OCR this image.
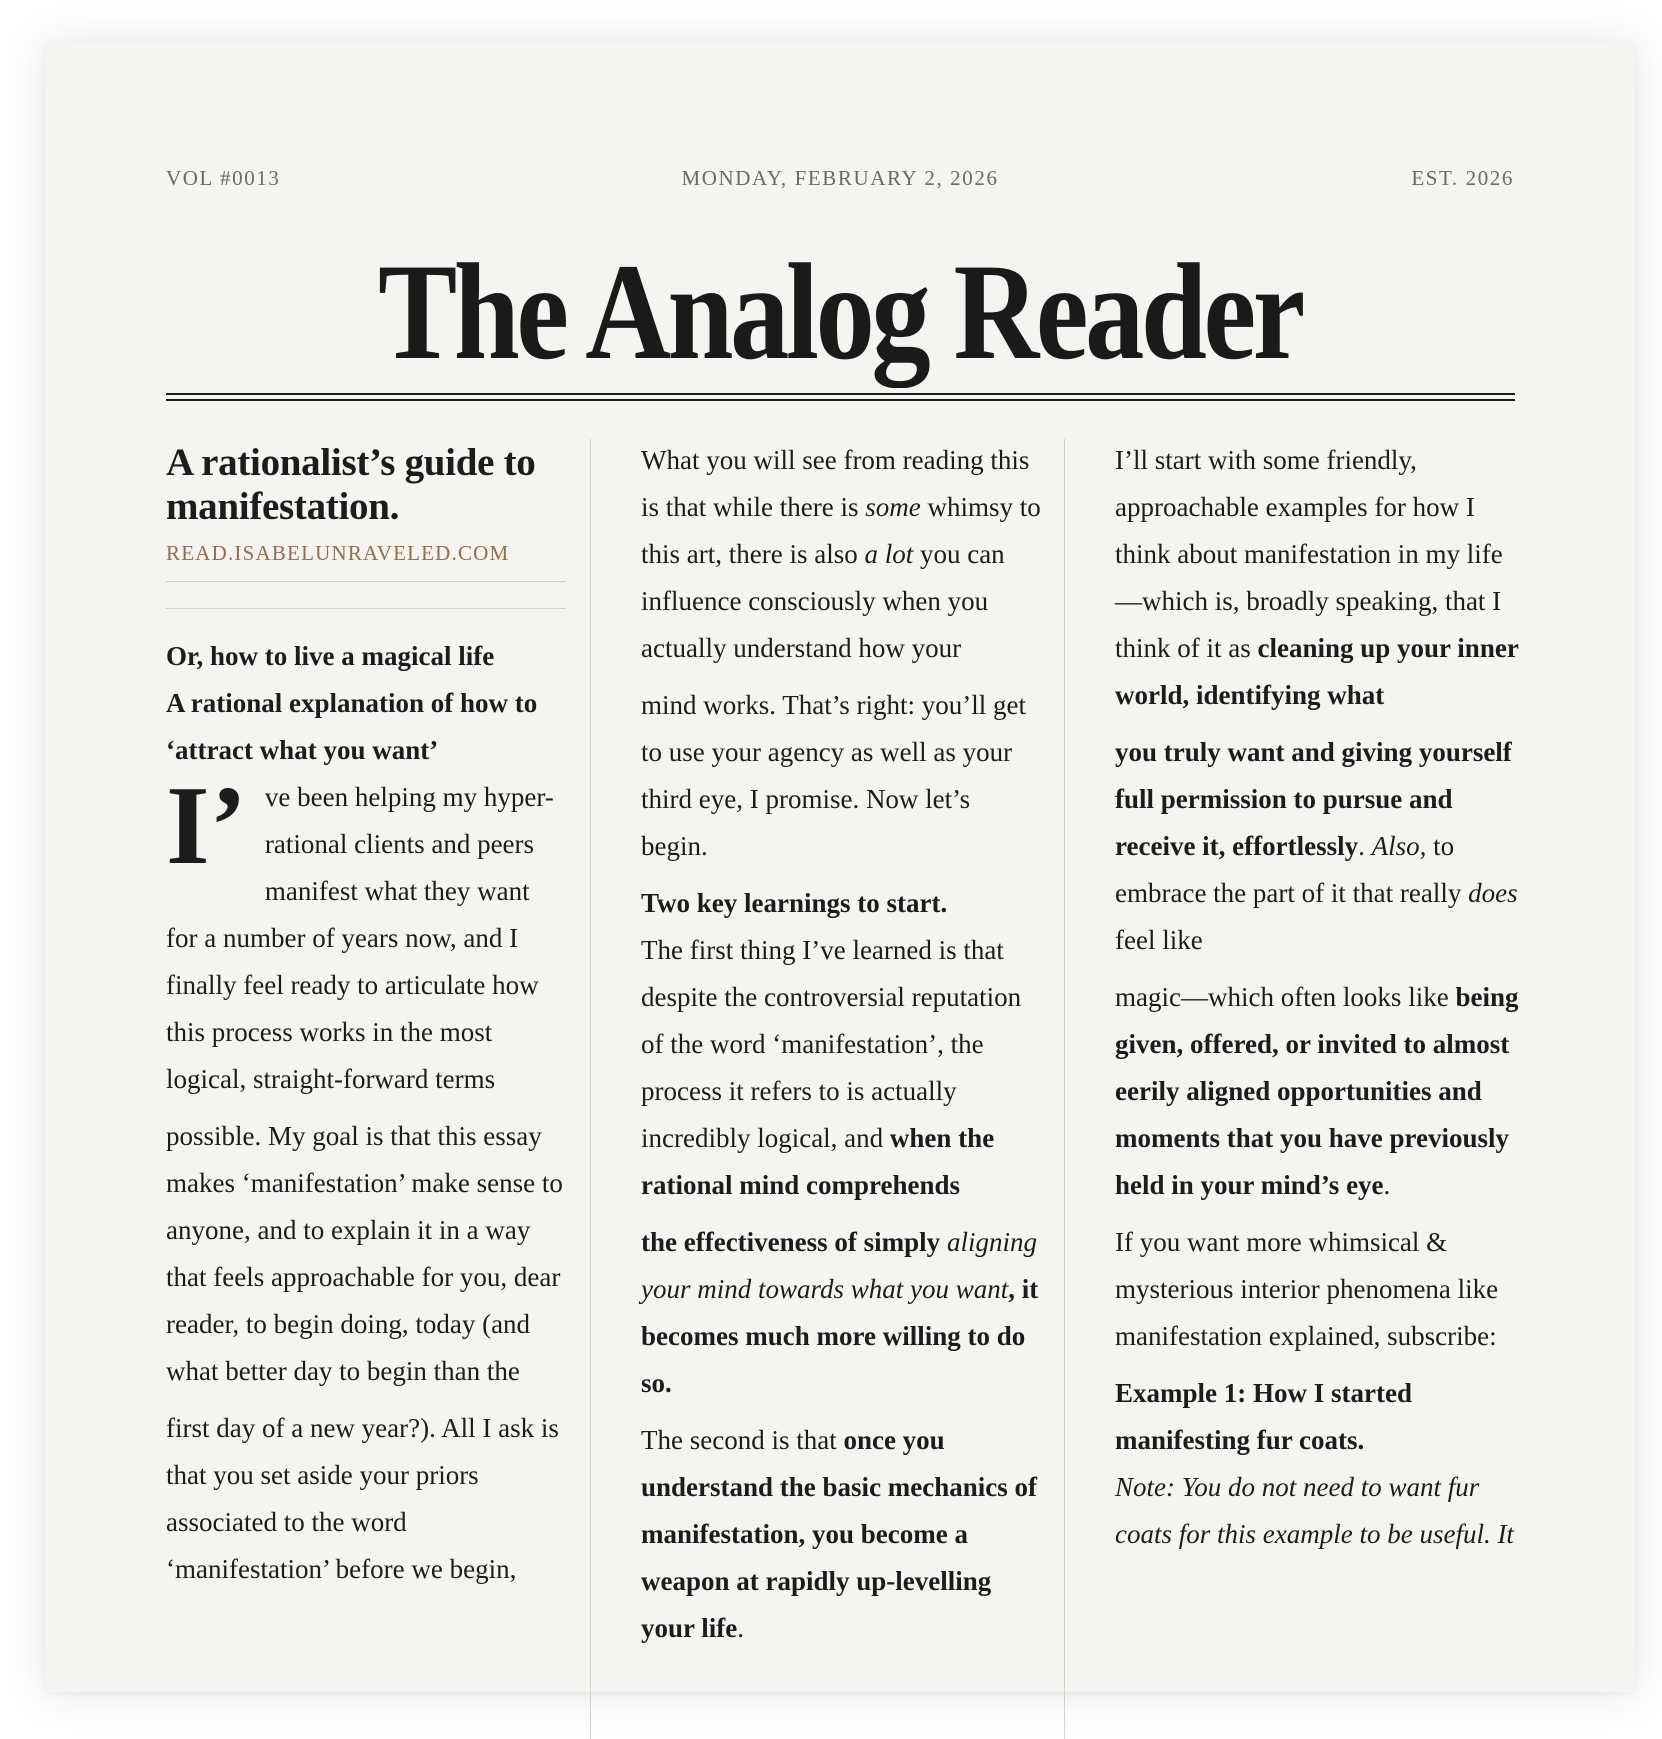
VOL #0013	MONDAY, FEBRUARY 2, 2026	EST. 2026
The Analog Reader
A rationalist’s guide to manifestation.
READ.ISABELUNRAVELED.COM
Or, how to live a magical life
A rational explanation of how to ‘attract what you want’

I’ ve been helping my hyper-rational clients and peers manifest what they want for a number of years now, and I finally feel ready to articulate how this process works in the most logical, straight-forward terms

possible. My goal is that this essay makes ‘manifestation’ make sense to anyone, and to explain it in a way that feels approachable for you, dear reader, to begin doing, today (and what better day to begin than the

first day of a new year?). All I ask is that you set aside your priors associated to the word ‘manifestation’ before we begin,

What you will see from reading this is that while there is some whimsy to this art, there is also a lot you can influence consciously when you actually understand how your

mind works. That’s right: you’ll get to use your agency as well as your third eye, I promise. Now let’s begin.

Two key learnings to start.

The first thing I’ve learned is that despite the controversial reputation of the word ‘manifestation’, the process it refers to is actually incredibly logical, and when the rational mind comprehends

the effectiveness of simply aligning your mind towards what you want, it becomes much more willing to do so.

The second is that once you understand the basic mechanics of manifestation, you become a weapon at rapidly up-levelling your life.

I’ll start with some friendly, approachable examples for how I think about manifestation in my life—which is, broadly speaking, that I think of it as cleaning up your inner world, identifying what

you truly want and giving yourself full permission to pursue and receive it, effortlessly. Also, to embrace the part of it that really does feel like

magic—which often looks like being given, offered, or invited to almost eerily aligned opportunities and moments that you have previously held in your mind’s eye.

If you want more whimsical & mysterious interior phenomena like manifestation explained, subscribe:

Example 1: How I started manifesting fur coats.
Note: You do not need to want fur coats for this example to be useful. It
